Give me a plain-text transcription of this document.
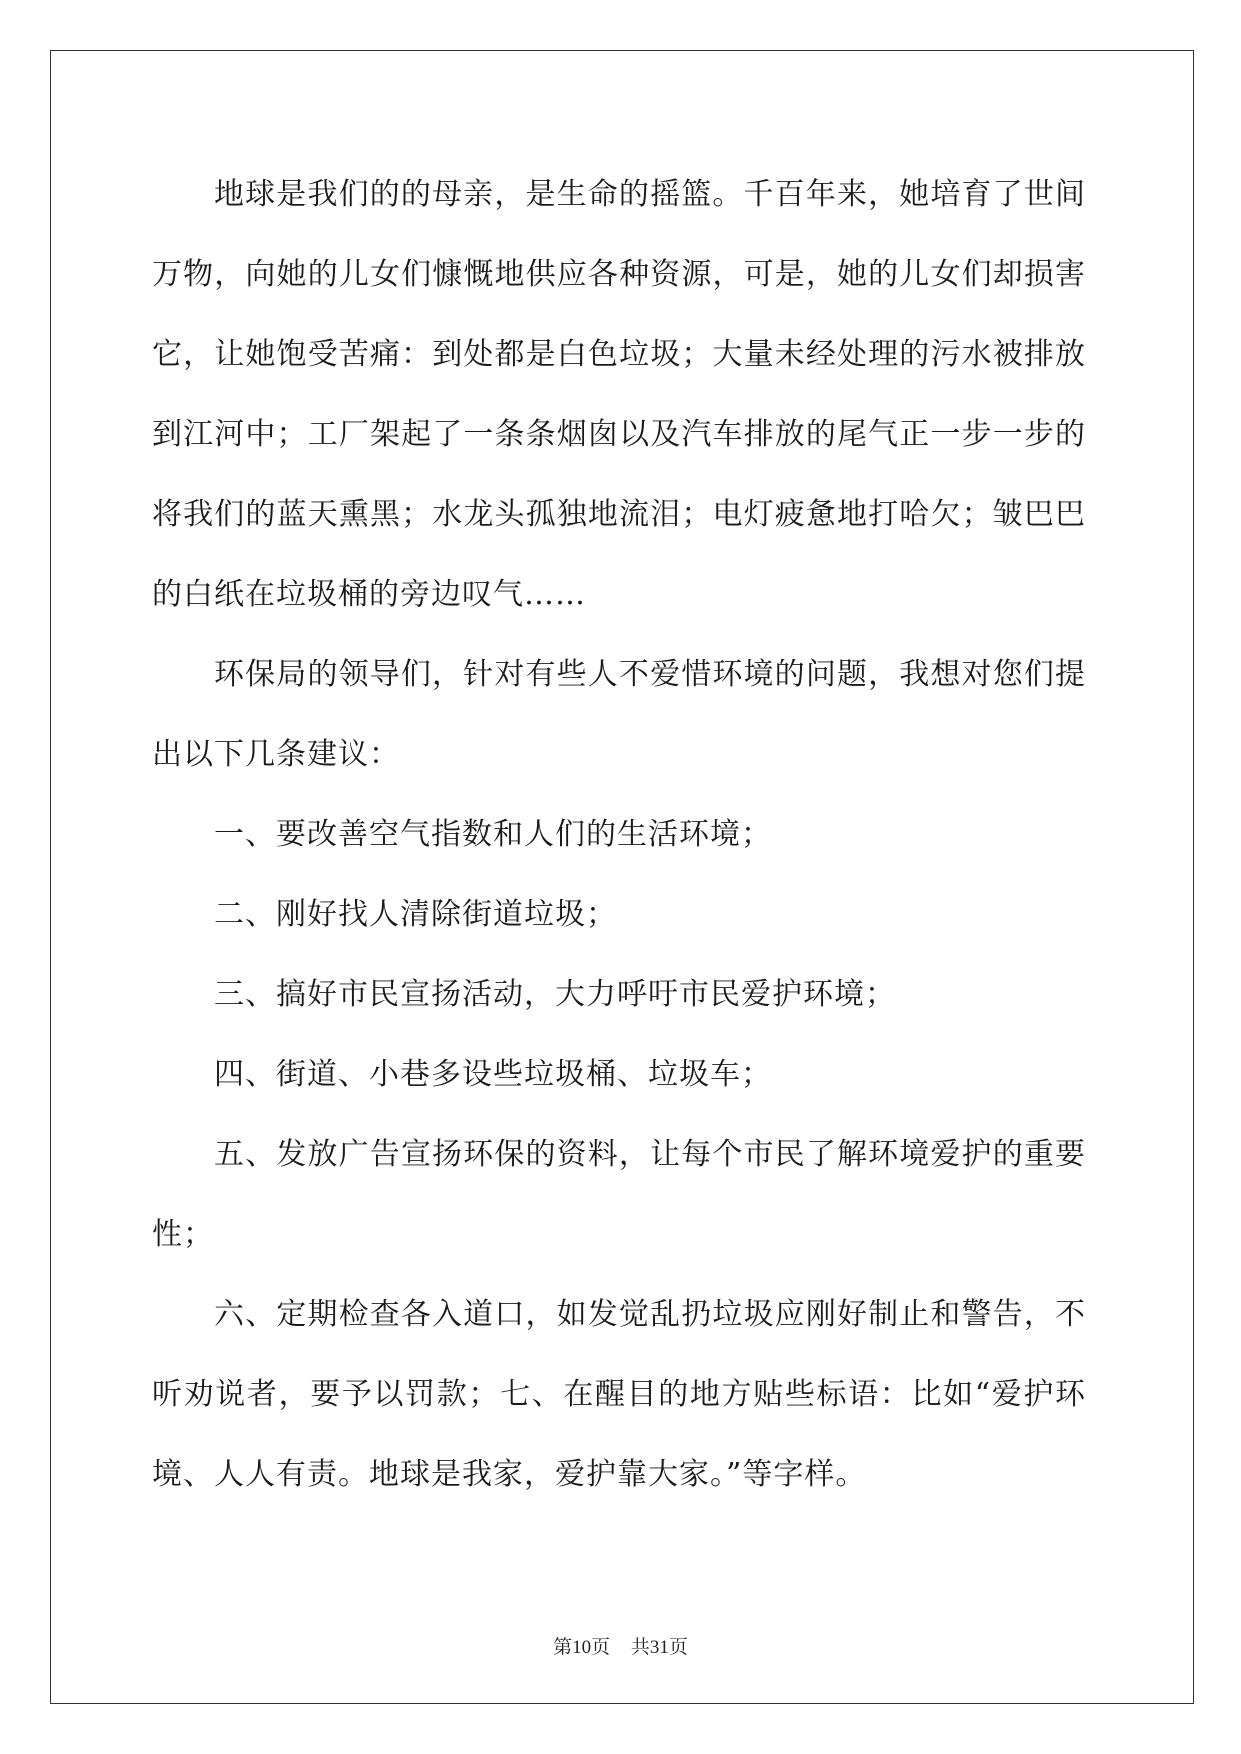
地球是我们的的母亲，是生命的摇篮。千百年来，她培育了世间万物，向她的儿女们慷慨地供应各种资源，可是，她的儿女们却损害它，让她饱受苦痛：到处都是白色垃圾；大量未经处理的污水被排放到江河中；工厂架起了一条条烟囱以及汽车排放的尾气正一步一步的将我们的蓝天熏黑；水龙头孤独地流泪；电灯疲惫地打哈欠；皱巴巴的白纸在垃圾桶的旁边叹气……

环保局的领导们，针对有些人不爱惜环境的问题，我想对您们提出以下几条建议：

一、要改善空气指数和人们的生活环境；

二、刚好找人清除街道垃圾；

三、搞好市民宣扬活动，大力呼吁市民爱护环境；

四、街道、小巷多设些垃圾桶、垃圾车；

五、发放广告宣扬环保的资料，让每个市民了解环境爱护的重要性；

六、定期检查各入道口，如发觉乱扔垃圾应刚好制止和警告，不听劝说者，要予以罚款；七、在醒目的地方贴些标语：比如“爱护环境、人人有责。地球是我家，爱护靠大家。”等字样。

第10页 共31页
